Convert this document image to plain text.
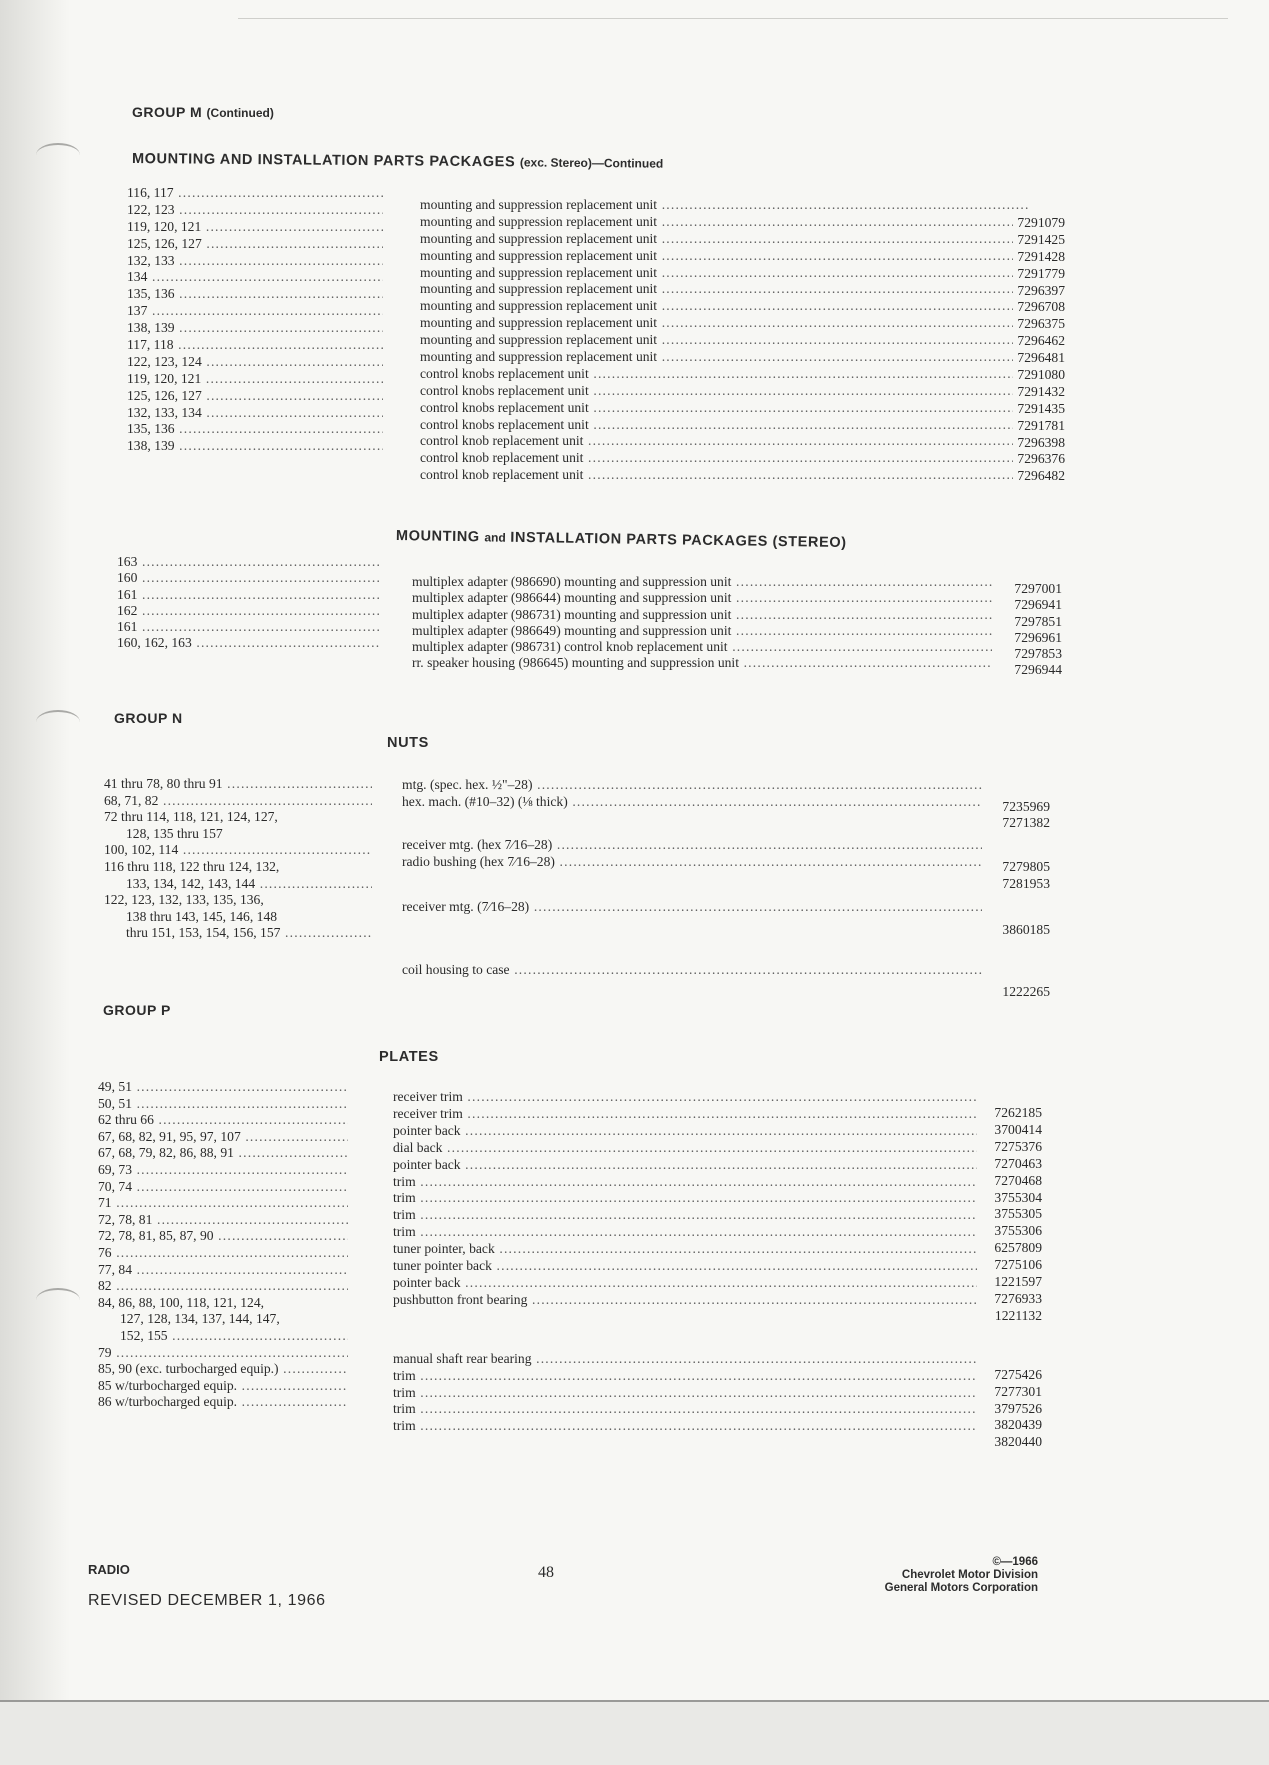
GROUP M (Continued)
MOUNTING AND INSTALLATION PARTS PACKAGES (exc. Stereo)—Continued
116, 117 .....
122, 123 .....
119, 120, 121 .....
125, 126, 127 .....
132, 133 .....
134 .....
135, 136 .....
137 .....
138, 139 .....
117, 118 .....
122, 123, 124 .....
119, 120, 121 .....
125, 126, 127 .....
132, 133, 134 .....
135, 136 .....
138, 139 .....
mounting and suppression replacement unit .....
mounting and suppression replacement unit .....
mounting and suppression replacement unit .....
mounting and suppression replacement unit .....
mounting and suppression replacement unit .....
mounting and suppression replacement unit .....
mounting and suppression replacement unit .....
mounting and suppression replacement unit .....
mounting and suppression replacement unit .....
mounting and suppression replacement unit .....
control knobs replacement unit .....
control knobs replacement unit .....
control knobs replacement unit .....
control knobs replacement unit .....
control knob replacement unit .....
control knob replacement unit .....
control knob replacement unit .....
7291079
7291425
7291428
7291779
7296397
7296708
7296375
7296462
7296481
7291080
7291432
7291435
7291781
7296398
7296376
7296482
MOUNTING and INSTALLATION PARTS PACKAGES (STEREO)
163 .....
160 .....
161 .....
162 .....
161 .....
160, 162, 163 .....
multiplex adapter (986690) mounting and suppression unit .....
multiplex adapter (986644) mounting and suppression unit .....
multiplex adapter (986731) mounting and suppression unit .....
multiplex adapter (986649) mounting and suppression unit .....
multiplex adapter (986731) control knob replacement unit .....
rr. speaker housing (986645) mounting and suppression unit .....
7297001
7296941
7297851
7296961
7297853
7296944
GROUP N
NUTS
41 thru 78, 80 thru 91 .....
68, 71, 82 .....
72 thru 114, 118, 121, 124, 127,
128, 135 thru 157
100, 102, 114 .....
116 thru 118, 122 thru 124, 132,
133, 134, 142, 143, 144 .....
122, 123, 132, 133, 135, 136,
138 thru 143, 145, 146, 148
thru 151, 153, 154, 156, 157 .....
mtg. (spec. hex. ½"–28) .....
hex. mach. (#10–32) (⅛ thick) .....
receiver mtg. (hex 7⁄16–28) .....
radio bushing (hex 7⁄16–28) .....
receiver mtg. (7⁄16–28) .....
coil housing to case .....
7235969
7271382
7279805
7281953
3860185
1222265
GROUP P
PLATES
49, 51 .....
50, 51 .....
62 thru 66 .....
67, 68, 82, 91, 95, 97, 107 .....
67, 68, 79, 82, 86, 88, 91 .....
69, 73 .....
70, 74 .....
71 .....
72, 78, 81 .....
72, 78, 81, 85, 87, 90 .....
76 .....
77, 84 .....
82 .....
84, 86, 88, 100, 118, 121, 124,
127, 128, 134, 137, 144, 147,
152, 155 .....
79 .....
85, 90 (exc. turbocharged equip.) .....
85 w/turbocharged equip. .....
86 w/turbocharged equip. .....
receiver trim .....
receiver trim .....
pointer back .....
dial back .....
pointer back .....
trim .....
trim .....
trim .....
trim .....
tuner pointer, back .....
tuner pointer back .....
pointer back .....
pushbutton front bearing .....
manual shaft rear bearing .....
trim .....
trim .....
trim .....
trim .....
7262185
3700414
7275376
7270463
7270468
3755304
3755305
3755306
6257809
7275106
1221597
7276933
1221132
7275426
7277301
3797526
3820439
3820440
RADIO
REVISED DECEMBER 1, 1966
48
©—1966
Chevrolet Motor Division
General Motors Corporation
